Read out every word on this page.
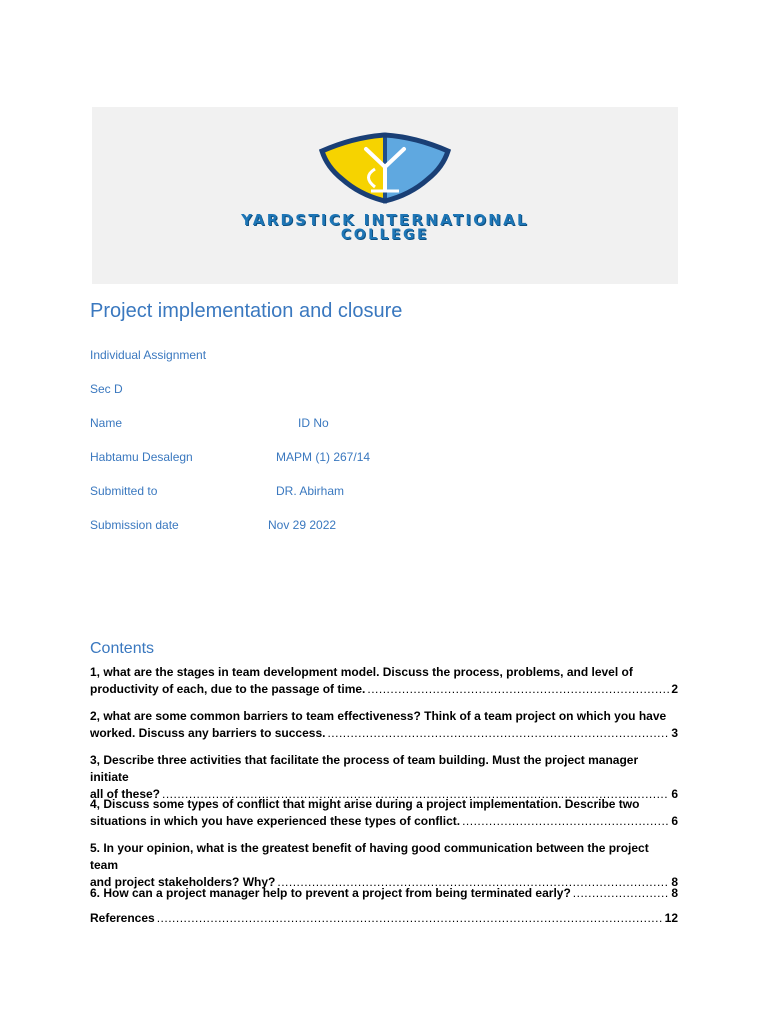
YARDSTICK INTERNATIONAL
COLLEGE
Project implementation and closure
Individual Assignment
Sec D
Name	ID No
Habtamu Desalegn	MAPM (1) 267/14
Submitted to	DR. Abirham
Submission date	Nov 29 2022
Contents
1, what are the stages in team development model. Discuss the process, problems, and level of
productivity of each, due to the passage of time. .....	2
2, what are some common barriers to team effectiveness? Think of a team project on which you have
worked. Discuss any barriers to success. .....	3
3, Describe three activities that facilitate the process of team building. Must the project manager initiate
all of these? .....	6
4, Discuss some types of conflict that might arise during a project implementation. Describe two
situations in which you have experienced these types of conflict. .....	6
5. In your opinion, what is the greatest benefit of having good communication between the project team
and project stakeholders? Why? .....	8
6. How can a project manager help to prevent a project from being terminated early? .....	8
References .....	12
